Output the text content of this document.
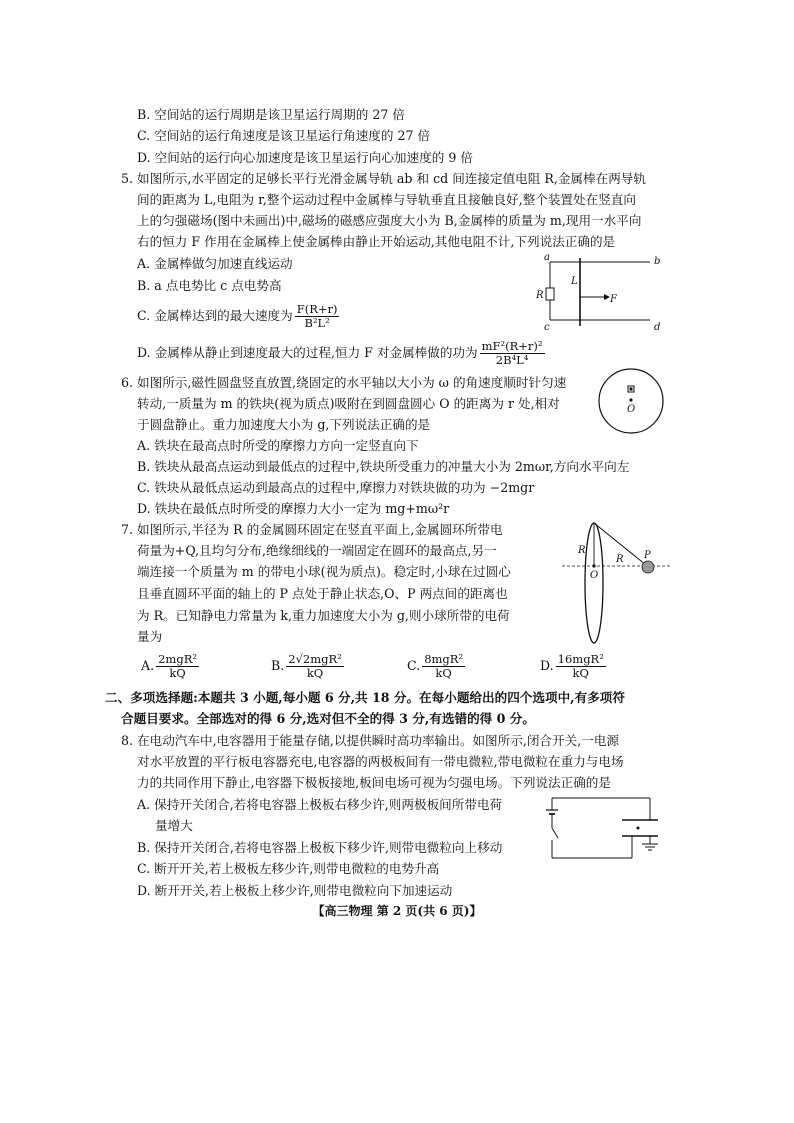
B. 空间站的运行周期是该卫星运行周期的 27 倍
C. 空间站的运行角速度是该卫星运行角速度的 27 倍
D. 空间站的运行向心加速度是该卫星运行向心加速度的 9 倍
5. 如图所示,水平固定的足够长平行光滑金属导轨 ab 和 cd 间连接定值电阻 R,金属棒在两导轨
间的距离为 L,电阻为 r,整个运动过程中金属棒与导轨垂直且接触良好,整个装置处在竖直向
上的匀强磁场(图中未画出)中,磁场的磁感应强度大小为 B,金属棒的质量为 m,现用一水平向
右的恒力 F 作用在金属棒上使金属棒由静止开始运动,其他电阻不计,下列说法正确的是
A. 金属棒做匀加速直线运动
B. a 点电势比 c 点电势高
C. 金属棒达到的最大速度为 $\frac{F(R+r)}{\text{B²L²}}$
D. 金属棒从静止到速度最大的过程,恒力 F 对金属棒做的功为 $\frac{\text{mF²(R+r)²}}{\text{2B⁴L⁴}}$
a	b
c	d
R
L
F
6. 如图所示,磁性圆盘竖直放置,绕固定的水平轴以大小为 ω 的角速度顺时针匀速
转动,一质量为 m 的铁块(视为质点)吸附在到圆盘圆心 O 的距离为 r 处,相对
于圆盘静止。重力加速度大小为 g,下列说法正确的是
A. 铁块在最高点时所受的摩擦力方向一定竖直向下
B. 铁块从最高点运动到最低点的过程中,铁块所受重力的冲量大小为 2mωr,方向水平向左
C. 铁块从最低点运动到最高点的过程中,摩擦力对铁块做的功为 −2mgr
D. 铁块在最低点时所受的摩擦力大小一定为 mg+mω²r
O
7. 如图所示,半径为 R 的金属圆环固定在竖直平面上,金属圆环所带电
荷量为+Q,且均匀分布,绝缘细线的一端固定在圆环的最高点,另一
端连接一个质量为 m 的带电小球(视为质点)。稳定时,小球在过圆心
且垂直圆环平面的轴上的 P 点处于静止状态,O、P 两点间的距离也
为 R。已知静电力常量为 k,重力加速度大小为 g,则小球所带的电荷
量为
A. $\frac{\text{2mgR²}}{kQ}$	B. $\frac{\text{2√2mgR²}}{kQ}$	C. $\frac{\text{8mgR²}}{kQ}$	D. $\frac{\text{16mgR²}}{kQ}$
R
R
O
P
二、多项选择题:本题共 3 小题,每小题 6 分,共 18 分。在每小题给出的四个选项中,有多项符
合题目要求。全部选对的得 6 分,选对但不全的得 3 分,有选错的得 0 分。
8. 在电动汽车中,电容器用于能量存储,以提供瞬时高功率输出。如图所示,闭合开关,一电源
对水平放置的平行板电容器充电,电容器的两极板间有一带电微粒,带电微粒在重力与电场
力的共同作用下静止,电容器下极板接地,板间电场可视为匀强电场。下列说法正确的是
A. 保持开关闭合,若将电容器上极板右移少许,则两极板间所带电荷
量增大
B. 保持开关闭合,若将电容器上极板下移少许,则带电微粒向上移动
C. 断开开关,若上极板左移少许,则带电微粒的电势升高
D. 断开开关,若上极板上移少许,则带电微粒向下加速运动
【高三物理 第 2 页(共 6 页)】
